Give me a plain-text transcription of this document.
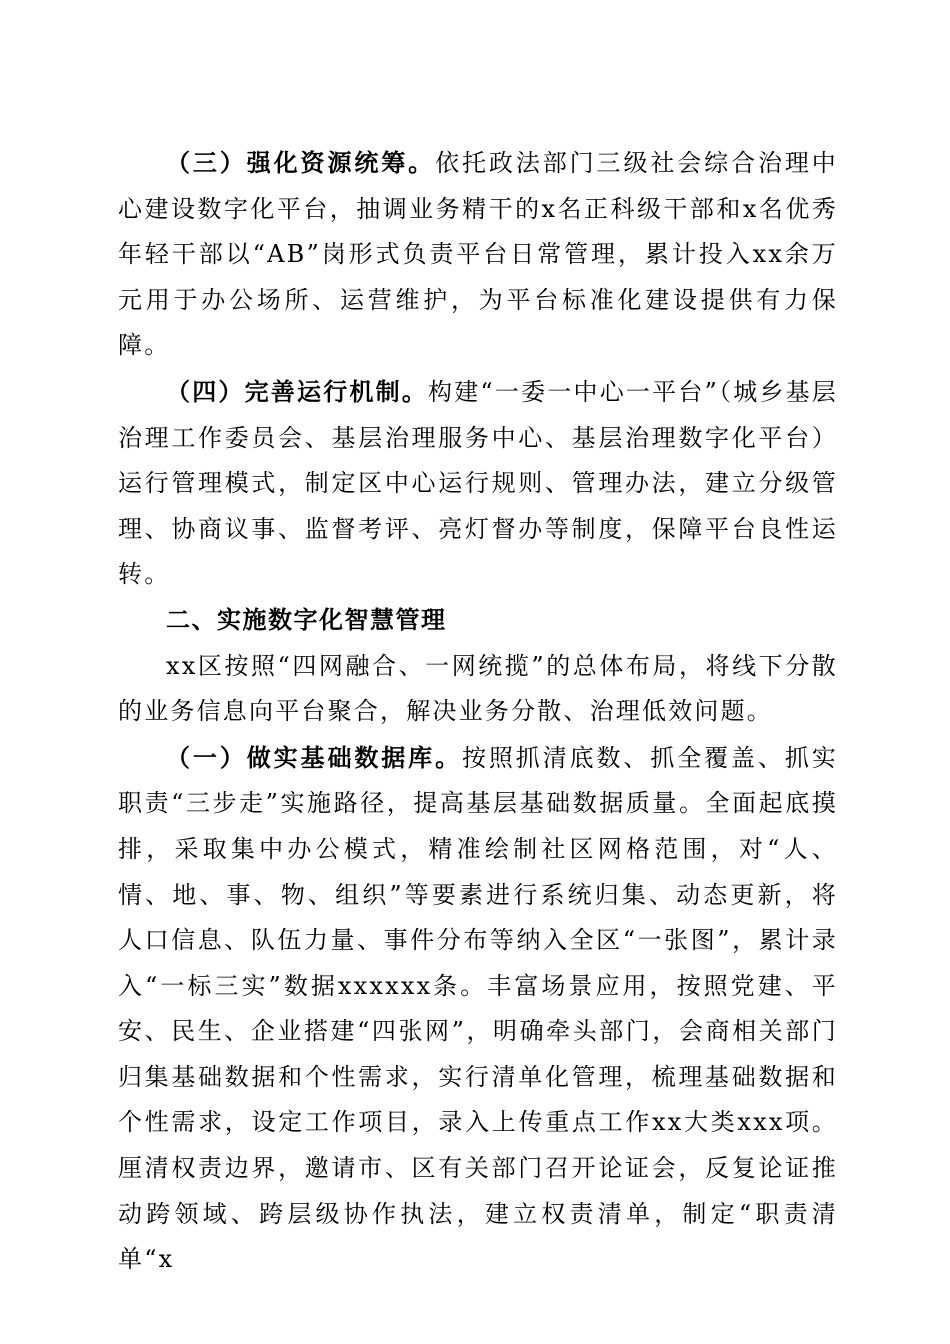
（三）强化资源统筹。依托政法部门三级社会综合治理中心建设数字化平台，抽调业务精干的x名正科级干部和x名优秀年轻干部以“AB”岗形式负责平台日常管理，累计投入xx余万元用于办公场所、运营维护，为平台标准化建设提供有力保障。

（四）完善运行机制。构建“一委一中心一平台”（城乡基层治理工作委员会、基层治理服务中心、基层治理数字化平台）运行管理模式，制定区中心运行规则、管理办法，建立分级管理、协商议事、监督考评、亮灯督办等制度，保障平台良性运转。

二、实施数字化智慧管理

xx区按照“四网融合、一网统揽”的总体布局，将线下分散的业务信息向平台聚合，解决业务分散、治理低效问题。

（一）做实基础数据库。按照抓清底数、抓全覆盖、抓实职责“三步走”实施路径，提高基层基础数据质量。全面起底摸排，采取集中办公模式，精准绘制社区网格范围，对“人、情、地、事、物、组织”等要素进行系统归集、动态更新，将人口信息、队伍力量、事件分布等纳入全区“一张图”，累计录入“一标三实”数据xxxxxx条。丰富场景应用，按照党建、平安、民生、企业搭建“四张网”，明确牵头部门，会商相关部门归集基础数据和个性需求，实行清单化管理，梳理基础数据和个性需求，设定工作项目，录入上传重点工作xx大类xxx项。厘清权责边界，邀请市、区有关部门召开论证会，反复论证推动跨领域、跨层级协作执法，建立权责清单，制定“职责清单“x
